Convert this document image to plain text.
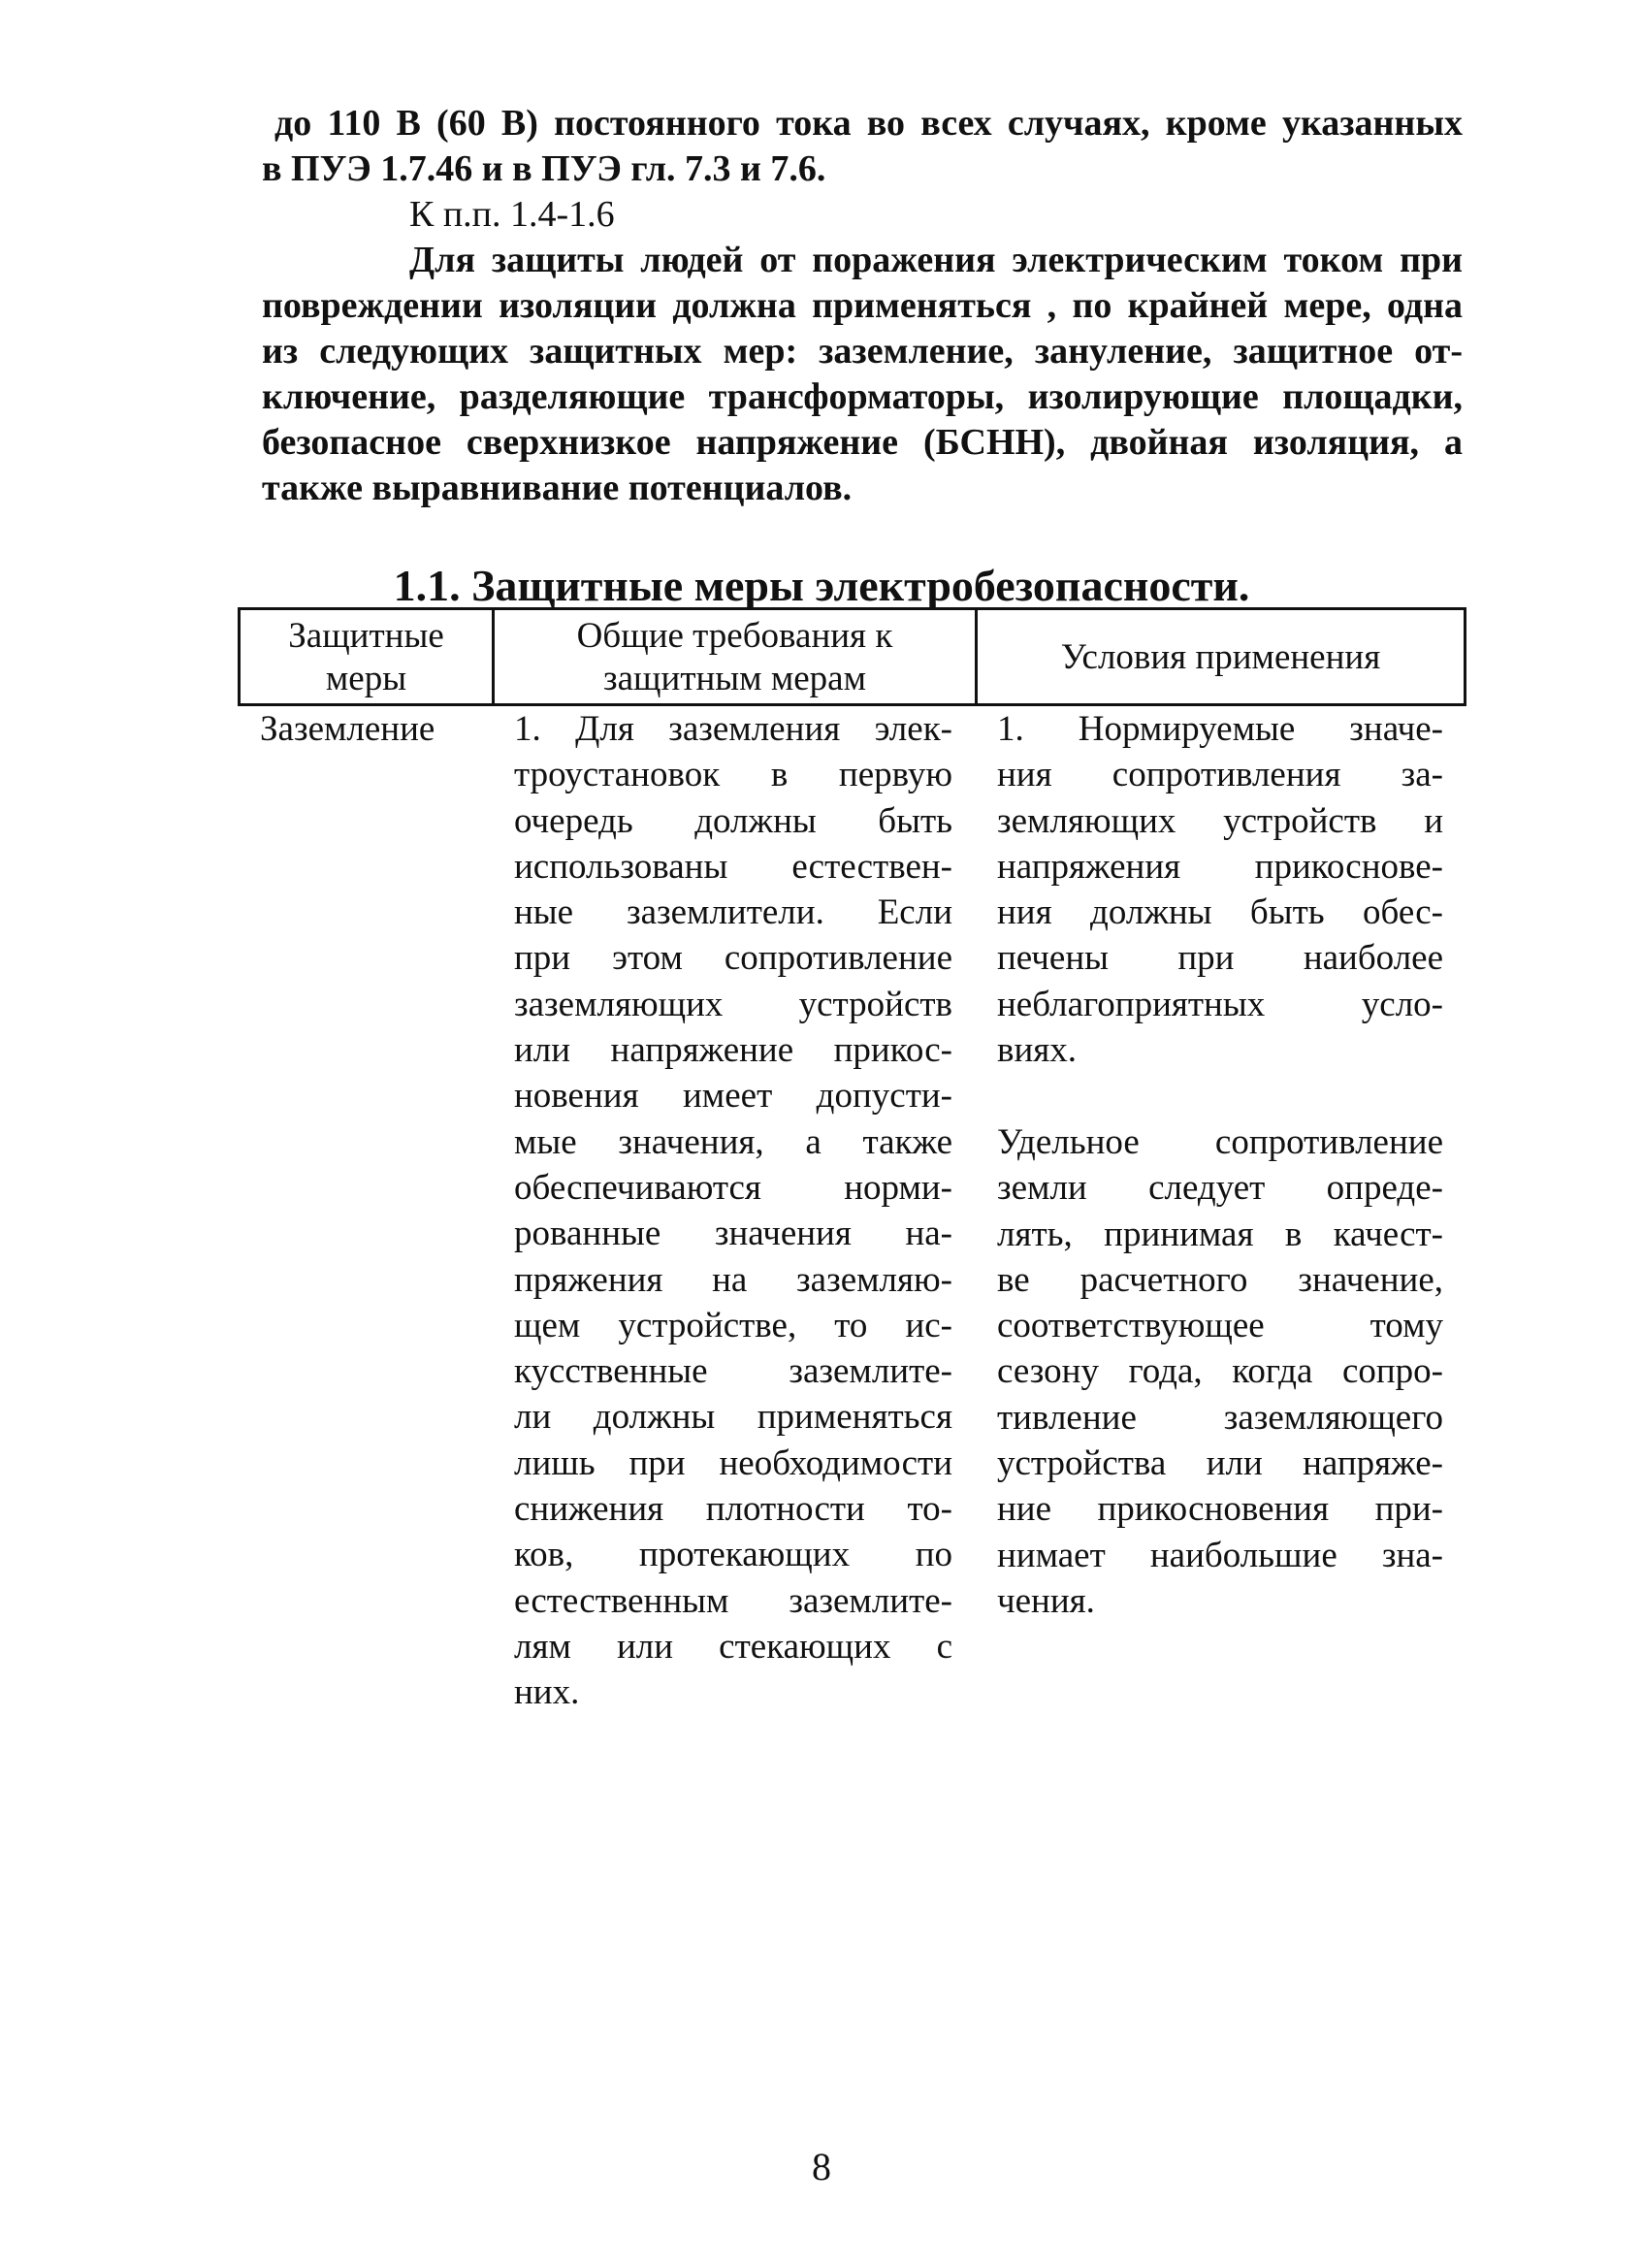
до 110 В (60 В) постоянного тока во всех случаях, кроме указанных
в ПУЭ 1.7.46 и в ПУЭ гл. 7.3 и 7.6.
К п.п. 1.4-1.6
Для защиты людей от поражения электрическим током при
повреждении изоляции должна применяться , по крайней мере, одна
из следующих защитных мер: заземление, зануление, защитное от-
ключение, разделяющие трансформаторы, изолирующие площадки,
безопасное сверхнизкое напряжение (БСНН), двойная изоляция, а
также выравнивание потенциалов.
1.1. Защитные меры электробезопасности.
Защитные
меры
Общие требования к
защитным мерам
Условия применения
Заземление 1. Для заземления элек-
троустановок в первую
очередь должны быть
использованы естествен-
ные заземлители. Если
при этом сопротивление
заземляющих устройств
или напряжение прикос-
новения имеет допусти-
мые значения, а также
обеспечиваются норми-
рованные значения на-
пряжения на заземляю-
щем устройстве, то ис-
кусственные заземлите-
ли должны применяться
лишь при необходимости
снижения плотности то-
ков, протекающих по
естественным заземлите-
лям или стекающих с
них.
1. Нормируемые значе-
ния сопротивления за-
земляющих устройств и
напряжения прикоснове-
ния должны быть обес-
печены при наиболее
неблагоприятных усло-
виях.
Удельное сопротивление
земли следует опреде-
лять, принимая в качест-
ве расчетного значение,
соответствующее тому
сезону года, когда сопро-
тивление заземляющего
устройства или напряже-
ние прикосновения при-
нимает наибольшие зна-
чения.
8
